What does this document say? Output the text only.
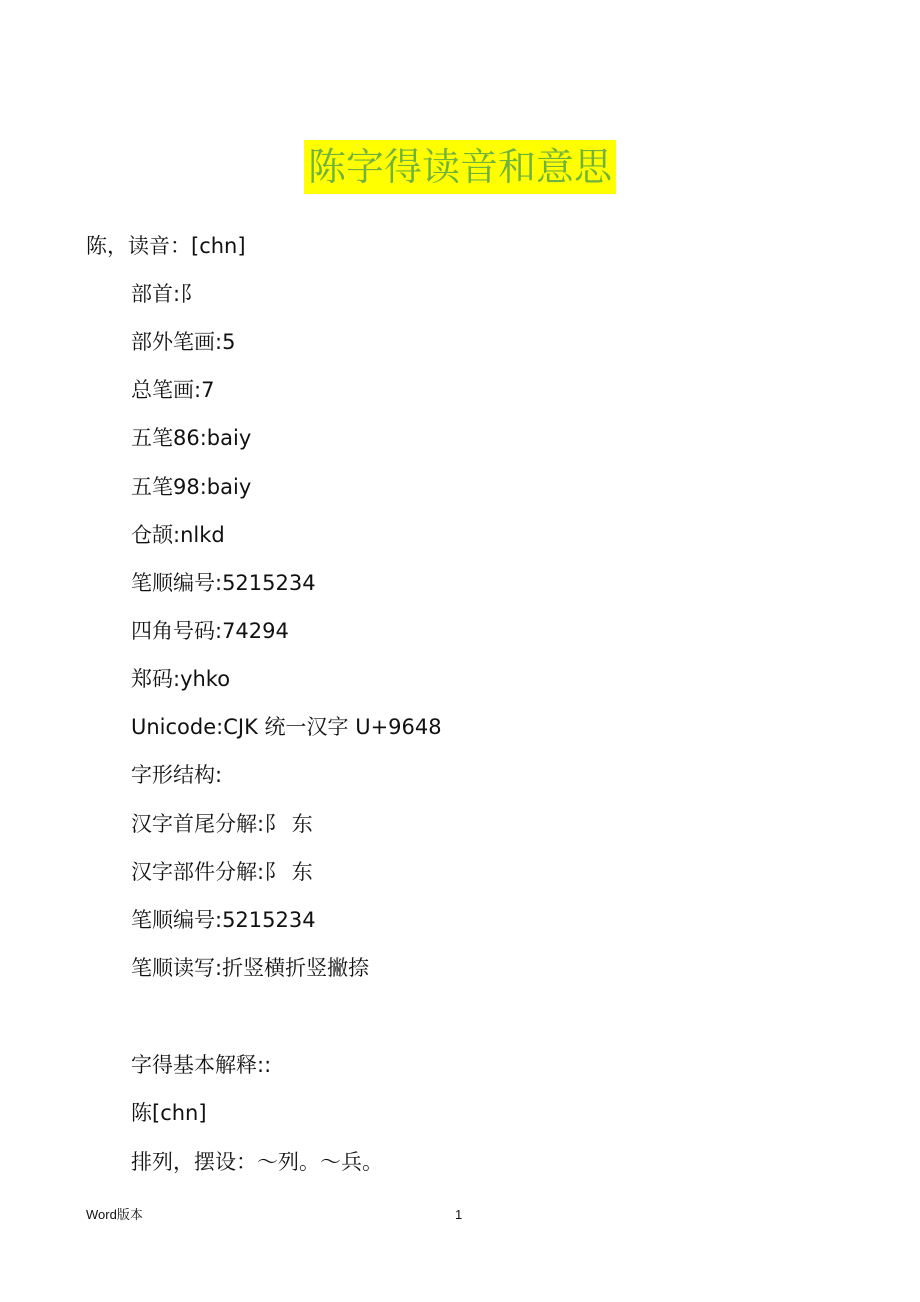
陈字得读音和意思
陈，读音：[chn]
部首:阝
部外笔画:5
总笔画:7
五笔86:baiy
五笔98:baiy
仓颉:nlkd
笔顺编号:5215234
四角号码:74294
郑码:yhko
Unicode:CJK 统一汉字 U+9648
字形结构:
汉字首尾分解:阝 东
汉字部件分解:阝 东
笔顺编号:5215234
笔顺读写:折竖横折竖撇捺
字得基本解释::
陈[chn]
排列，摆设：～列。～兵。
Word版本	1
